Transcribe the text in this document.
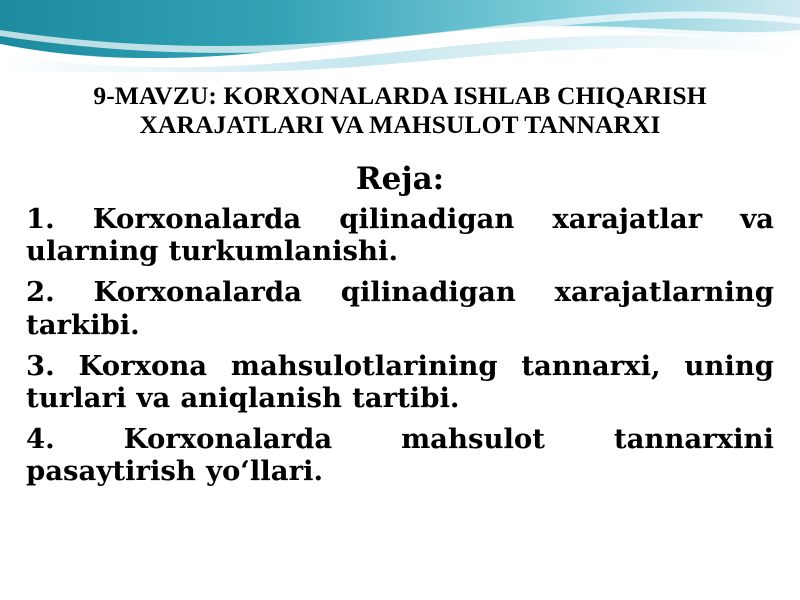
9-MAVZU: KORXONALARDA ISHLAB CHIQARISH XARAJATLARI VA MAHSULOT TANNARXI
Reja:
1. Korxonalarda qilinadigan xarajatlar va ularning turkumlanishi.
2. Korxonalarda qilinadigan xarajatlarning tarkibi.
3. Korxona mahsulotlarining tannarxi, uning turlari va aniqlanish tartibi.
4. Korxonalarda mahsulot tannarxini pasaytirish yo‘llari.
